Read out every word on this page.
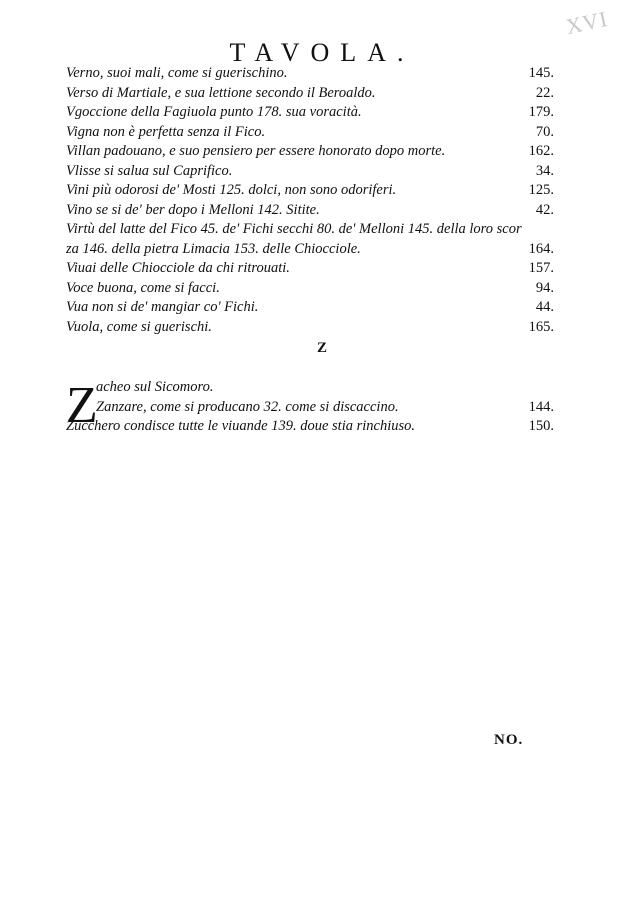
XVI
TAVOLA.
Verno, suoi mali, come si guerischino.	145.
Verso di Martiale, e sua lettione secondo il Beroaldo.	22.
Vgoccione della Fagiuola punto 178. sua voracità.	179.
Vigna non è perfetta senza il Fico.	70.
Villan padouano, e suo pensiero per essere honorato dopo morte.	162.
Vlisse si salua sul Caprifico.	34.
Vini più odorosi de' Mosti 125. dolci, non sono odoriferi.	125.
Vino se si de' ber dopo i Melloni 142. Sitite.	42.
Virtù del latte del Fico 45. de' Fichi secchi 80. de' Melloni 145. della loro scor
za 146. della pietra Limacia 153. delle Chiocciole.	164.
Viuai delle Chiocciole da chi ritrouati.	157.
Voce buona, come si facci.	94.
Vua non si de' mangiar co' Fichi.	44.
Vuola, come si guerischi.	165.
Z
Z
acheo sul Sicomoro.
Zanzare, come si producano 32. come si discaccino.	144.
Zucchero condisce tutte le viuande 139. doue stia rinchiuso.	150.
NO.
